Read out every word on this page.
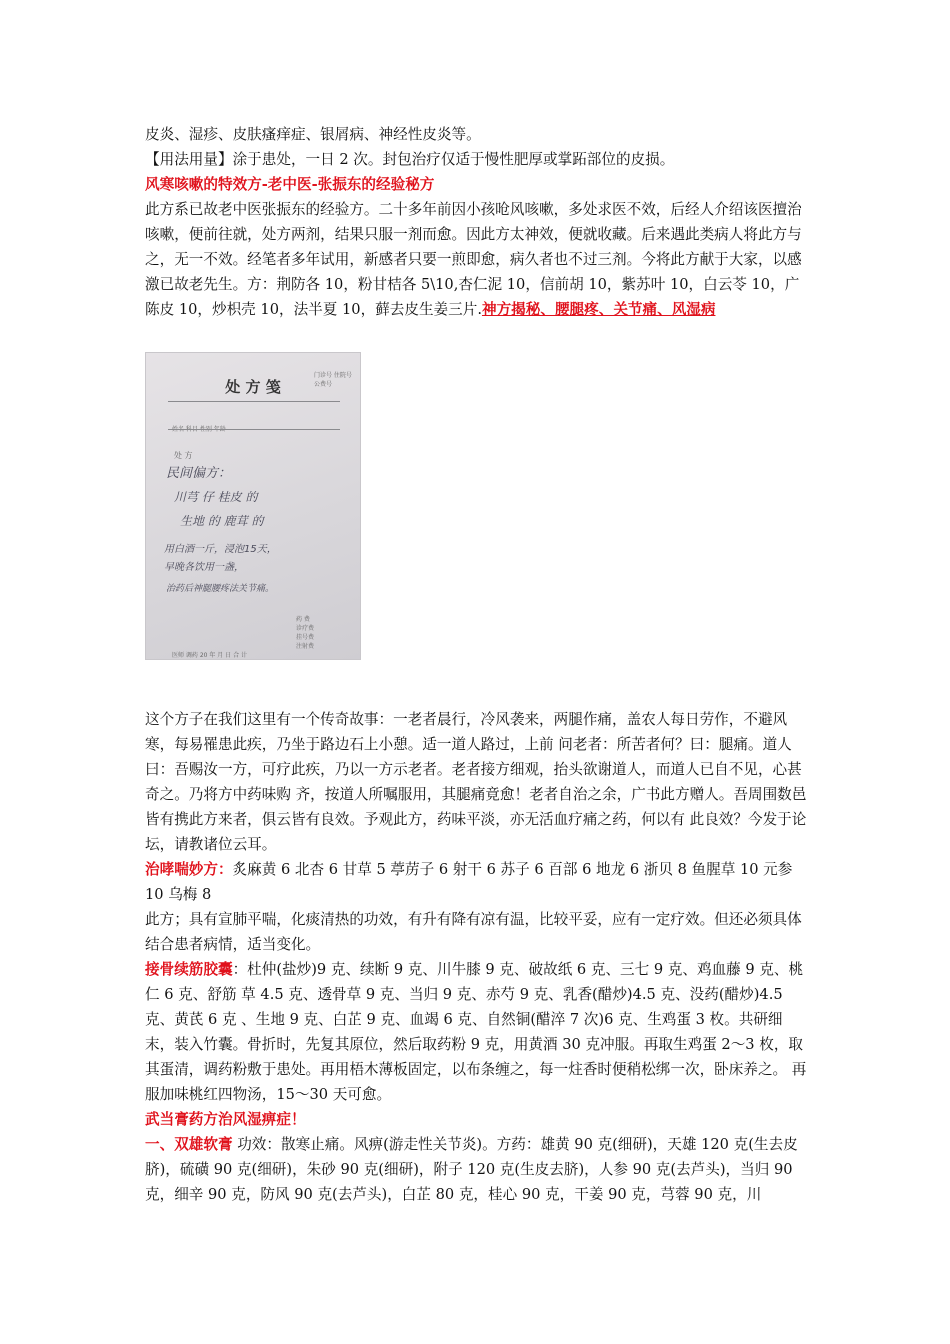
皮炎、湿疹、皮肤瘙痒症、银屑病、神经性皮炎等。

【用法用量】涂于患处，一日 2 次。封包治疗仅适于慢性肥厚或掌跖部位的皮损。

风寒咳嗽的特效方-老中医-张振东的经验秘方

此方系已故老中医张振东的经验方。二十多年前因小孩呛风咳嗽，多处求医不效，后经人介绍该医擅治咳嗽，便前往就，处方两剂，结果只服一剂而愈。因此方太神效，便就收藏。后来遇此类病人将此方与之，无一不效。经笔者多年试用，新感者只要一煎即愈，病久者也不过三剂。今将此方献于大家，以感激已故老先生。方：荆防各 10，粉甘桔各 5\10,杏仁泥 10，信前胡 10，紫苏叶 10，白云苓 10，广陈皮 10，炒枳壳 10，法半夏 10，藓去皮生姜三片.神方揭秘、腰腿疼、关节痛、风湿病

处 方 笺
门诊号 住院号 公费号
处 方
民间偏方：
川芎 仔 桂皮 的
生地 的 鹿茸 的
用白酒一斤，浸泡15天，
早晚各饮用一盏，
治药后神腿腰疼法关节痛。
药 费
诊疗费
挂号费
注射费
医师 调药 20 年 月 日 合 计

这个方子在我们这里有一个传奇故事：一老者晨行，冷风袭来，两腿作痛，盖农人每日劳作，不避风寒，每易罹患此疾，乃坐于路边石上小憩。适一道人路过，上前 问老者：所苦者何？曰：腿痛。道人曰：吾赐汝一方，可疗此疾，乃以一方示老者。老者接方细观，抬头欲谢道人，而道人已自不见，心甚奇之。乃将方中药味购 齐，按道人所嘱服用，其腿痛竟愈！老者自治之余，广书此方赠人。吾周围数邑皆有携此方来者，俱云皆有良效。予观此方，药味平淡，亦无活血疗痛之药，何以有 此良效？今发于论坛，请教诸位云耳。

治哮喘妙方：炙麻黄 6 北杏 6 甘草 5 葶苈子 6 射干 6 苏子 6 百部 6 地龙 6 浙贝 8 鱼腥草 10 元参 10 乌梅 8

此方；具有宣肺平喘，化痰清热的功效，有升有降有凉有温，比较平妥，应有一定疗效。但还必须具体结合患者病情，适当变化。

接骨续筋胶囊：杜仲(盐炒)9 克、续断 9 克、川牛膝 9 克、破故纸 6 克、三七 9 克、鸡血藤 9 克、桃仁 6 克、舒筋 草 4.5 克、透骨草 9 克、当归 9 克、赤芍 9 克、乳香(醋炒)4.5 克、没药(醋炒)4.5 克、黄芪 6 克 、生地 9 克、白芷 9 克、血竭 6 克、自然铜(醋淬 7 次)6 克、生鸡蛋 3 枚。共研细末，装入竹囊。骨折时，先复其原位，然后取药粉 9 克，用黄酒 30 克冲服。再取生鸡蛋 2～3 枚，取其蛋清，调药粉敷于患处。再用梧木薄板固定，以布条缠之，每一炷香时便稍松绑一次，卧床养之。 再服加味桃红四物汤，15～30 天可愈。

武当膏药方治风湿痹症！

一、双雄软膏 功效：散寒止痛。风痹(游走性关节炎)。方药：雄黄 90 克(细研)，天雄 120 克(生去皮脐)，硫磺 90 克(细研)，朱砂 90 克(细研)，附子 120 克(生皮去脐)，人参 90 克(去芦头)，当归 90 克，细辛 90 克，防风 90 克(去芦头)，白芷 80 克，桂心 90 克，干姜 90 克，芎蓉 90 克，川
